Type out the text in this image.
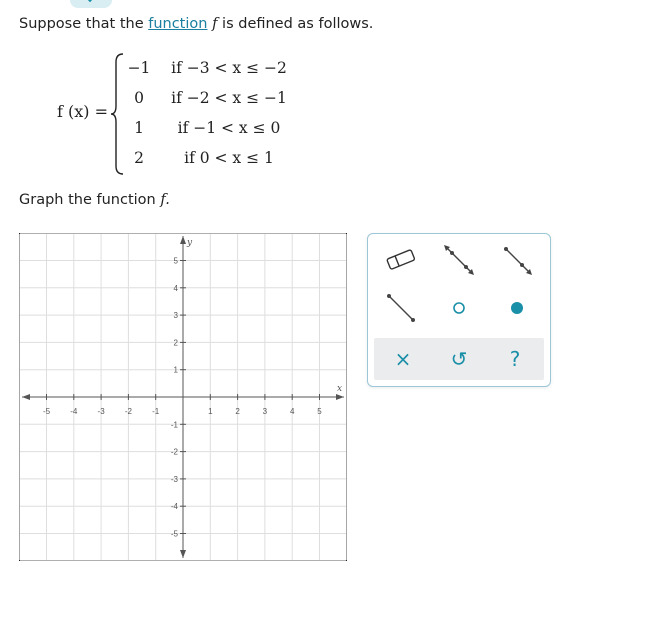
Suppose that the function f is defined as follows.
f (x) =
−1	if −3 < x ≤ −2
0	if −2 < x ≤ −1
1	if −1 < x ≤ 0
2	if 0 < x ≤ 1
Graph the function f.
-5	-4	-3	-2	-1	1	2	3	4	5
5
4
3
2
1
-1
-2
-3
-4
-5
x
y
×	↺	?
